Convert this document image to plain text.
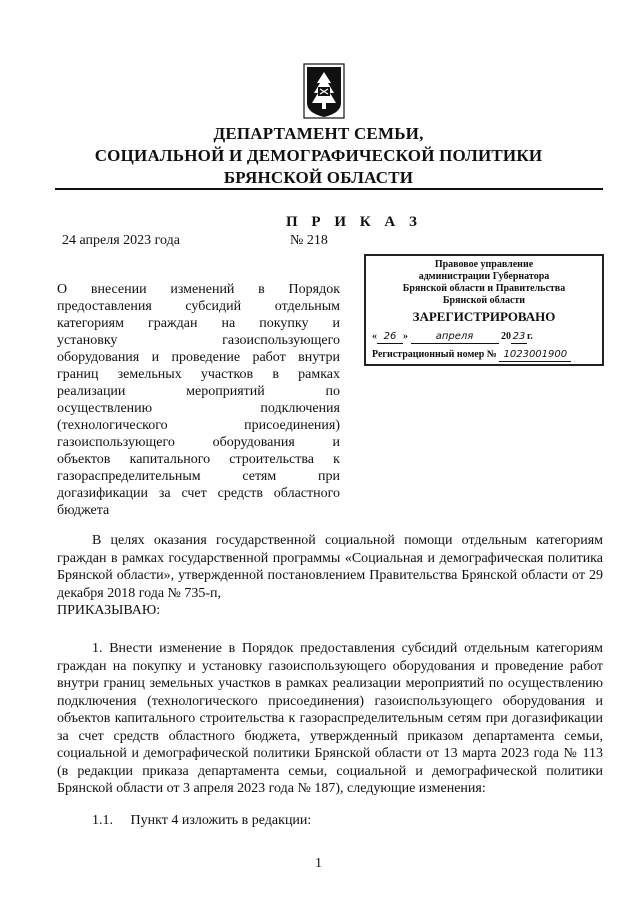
ДЕПАРТАМЕНТ СЕМЬИ,
СОЦИАЛЬНОЙ И ДЕМОГРАФИЧЕСКОЙ ПОЛИТИКИ
БРЯНСКОЙ ОБЛАСТИ
П Р И К А З
24 апреля 2023 года	№ 218
О внесении изменений в Порядок
предоставления субсидий отдельным
категориям граждан на покупку и
установку газоиспользующего
оборудования и проведение работ внутри
границ земельных участков в рамках
реализации мероприятий по
осуществлению подключения
(технологического присоединения)
газоиспользующего оборудования и
объектов капитального строительства к
газораспределительным сетям при
догазификации за счет средств областного
бюджета
Правовое управление
администрации Губернатора
Брянской области и Правительства
Брянской области
ЗАРЕГИСТРИРОВАНО
« 26 »	апреля	20 23 г.
Регистрационный номер № 1023001900
В целях оказания государственной социальной помощи отдельным категориям граждан в рамках государственной программы «Социальная и демографическая политика Брянской области», утвержденной постановлением Правительства Брянской области от 29 декабря 2018 года № 735-п,
ПРИКАЗЫВАЮ:
1. Внести изменение в Порядок предоставления субсидий отдельным категориям граждан на покупку и установку газоиспользующего оборудования и проведение работ внутри границ земельных участков в рамках реализации мероприятий по осуществлению подключения (технологического присоединения) газоиспользующего оборудования и объектов капитального строительства к газораспределительным сетям при догазификации за счет средств областного бюджета, утвержденный приказом департамента семьи, социальной и демографической политики Брянской области от 13 марта 2023 года № 113 (в редакции приказа департамента семьи, социальной и демографической политики Брянской области от 3 апреля 2023 года № 187), следующие изменения:
1.1. Пункт 4 изложить в редакции:
1
